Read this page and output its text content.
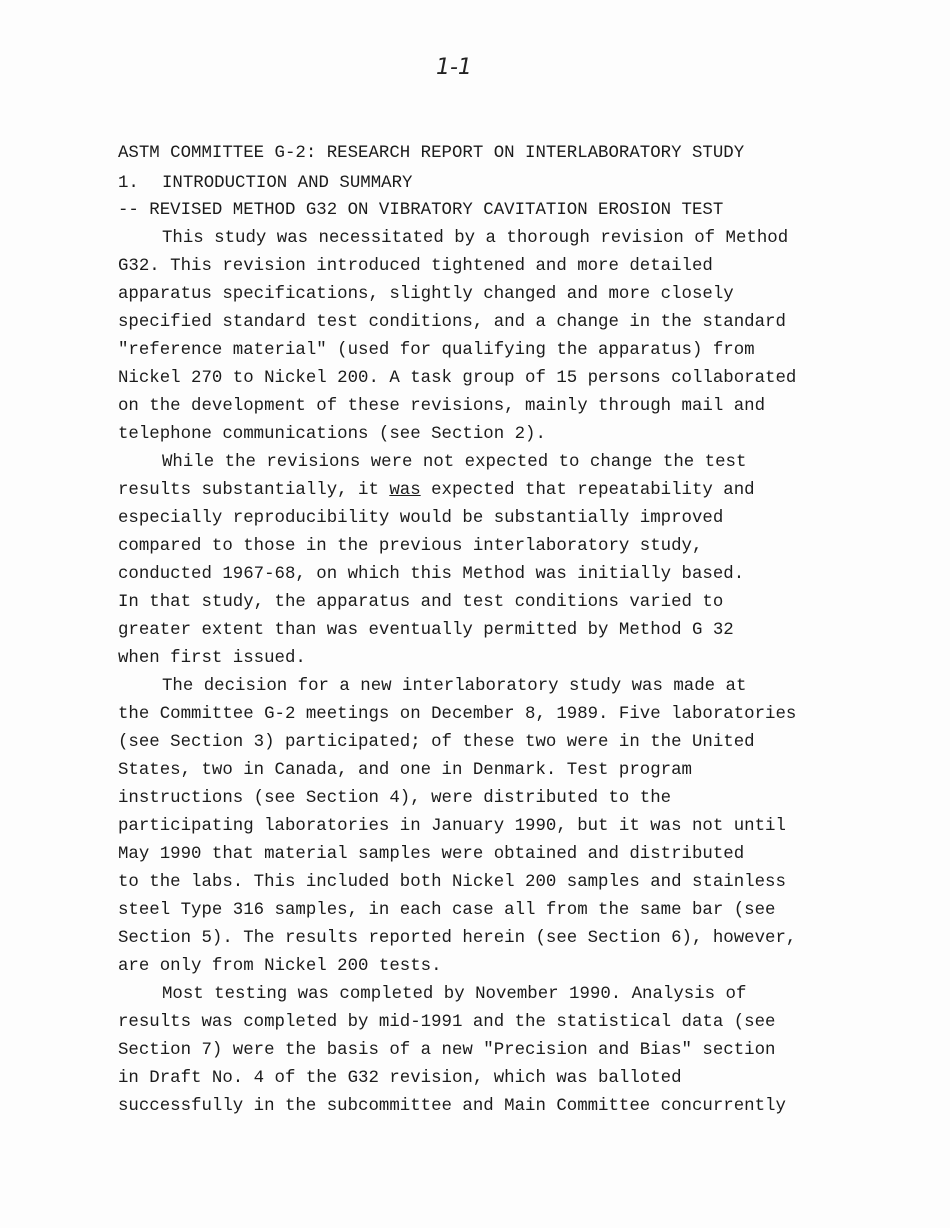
1-1

ASTM COMMITTEE G-2: RESEARCH REPORT ON INTERLABORATORY STUDY

-- REVISED METHOD G32 ON VIBRATORY CAVITATION EROSION TEST

1. INTRODUCTION AND SUMMARY
This study was necessitated by a thorough revision of Method
G32. This revision introduced tightened and more detailed
apparatus specifications, slightly changed and more closely
specified standard test conditions, and a change in the standard
"reference material" (used for qualifying the apparatus) from
Nickel 270 to Nickel 200. A task group of 15 persons collaborated
on the development of these revisions, mainly through mail and
telephone communications (see Section 2).
While the revisions were not expected to change the test
results substantially, it was expected that repeatability and
especially reproducibility would be substantially improved
compared to those in the previous interlaboratory study,
conducted 1967-68, on which this Method was initially based.
In that study, the apparatus and test conditions varied to
greater extent than was eventually permitted by Method G 32
when first issued.
The decision for a new interlaboratory study was made at
the Committee G-2 meetings on December 8, 1989. Five laboratories
(see Section 3) participated; of these two were in the United
States, two in Canada, and one in Denmark. Test program
instructions (see Section 4), were distributed to the
participating laboratories in January 1990, but it was not until
May 1990 that material samples were obtained and distributed
to the labs. This included both Nickel 200 samples and stainless
steel Type 316 samples, in each case all from the same bar (see
Section 5). The results reported herein (see Section 6), however,
are only from Nickel 200 tests.
Most testing was completed by November 1990. Analysis of
results was completed by mid-1991 and the statistical data (see
Section 7) were the basis of a new "Precision and Bias" section
in Draft No. 4 of the G32 revision, which was balloted
successfully in the subcommittee and Main Committee concurrently
